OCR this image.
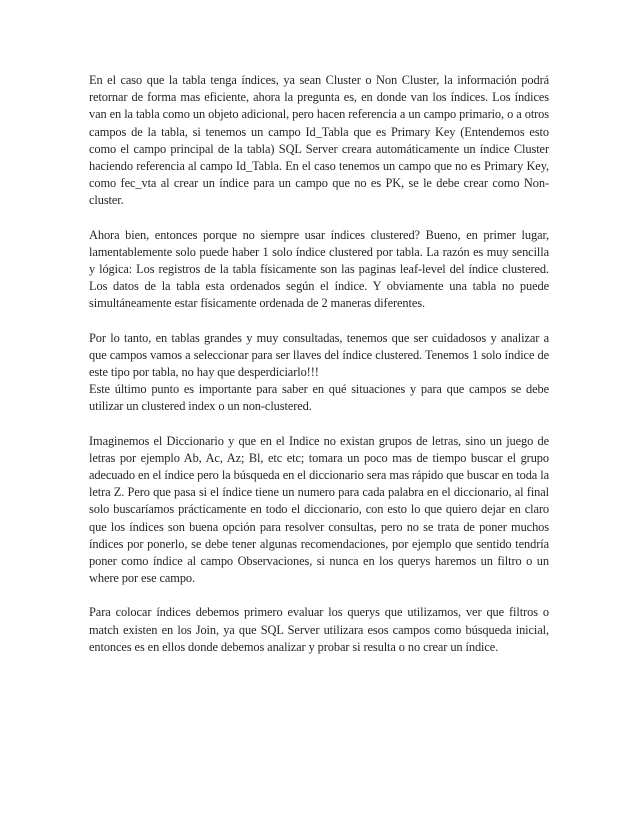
En el caso que la tabla tenga índices, ya sean Cluster o Non Cluster, la información podrá retornar de forma mas eficiente, ahora la pregunta es, en donde van los índices. Los índices van en la tabla como un objeto adicional, pero hacen referencia a un campo primario, o a otros campos de la tabla, si tenemos un campo Id_Tabla que es Primary Key (Entendemos esto como el campo principal de la tabla) SQL Server creara automáticamente un índice Cluster haciendo referencia al campo Id_Tabla. En el caso tenemos un campo que no es Primary Key, como fec_vta al crear un índice para un campo que no es PK, se le debe crear como Non-cluster.

Ahora bien, entonces porque no siempre usar índices clustered? Bueno, en primer lugar, lamentablemente solo puede haber 1 solo índice clustered por tabla. La razón es muy sencilla y lógica: Los registros de la tabla físicamente son las paginas leaf-level del índice clustered. Los datos de la tabla esta ordenados según el índice. Y obviamente una tabla no puede simultáneamente estar físicamente ordenada de 2 maneras diferentes.

Por lo tanto, en tablas grandes y muy consultadas, tenemos que ser cuidadosos y analizar a que campos vamos a seleccionar para ser llaves del índice clustered. Tenemos 1 solo índice de este tipo por tabla, no hay que desperdiciarlo!!!
Este último punto es importante para saber en qué situaciones y para que campos se debe utilizar un clustered index o un non-clustered.

Imaginemos el Diccionario y que en el Indice no existan grupos de letras, sino un juego de letras por ejemplo Ab, Ac, Az; Bl, etc etc; tomara un poco mas de tiempo buscar el grupo adecuado en el índice pero la búsqueda en el diccionario sera mas rápido que buscar en toda la letra Z. Pero que pasa si el índice tiene un numero para cada palabra en el diccionario, al final solo buscaríamos prácticamente en todo el diccionario, con esto lo que quiero dejar en claro que los índices son buena opción para resolver consultas, pero no se trata de poner muchos índices por ponerlo, se debe tener algunas recomendaciones, por ejemplo que sentido tendría poner como índice al campo Observaciones, si nunca en los querys haremos un filtro o un where por ese campo.

Para colocar índices debemos primero evaluar los querys que utilizamos, ver que filtros o match existen en los Join, ya que SQL Server utilizara esos campos como búsqueda inicial, entonces es en ellos donde debemos analizar y probar si resulta o no crear un índice.
